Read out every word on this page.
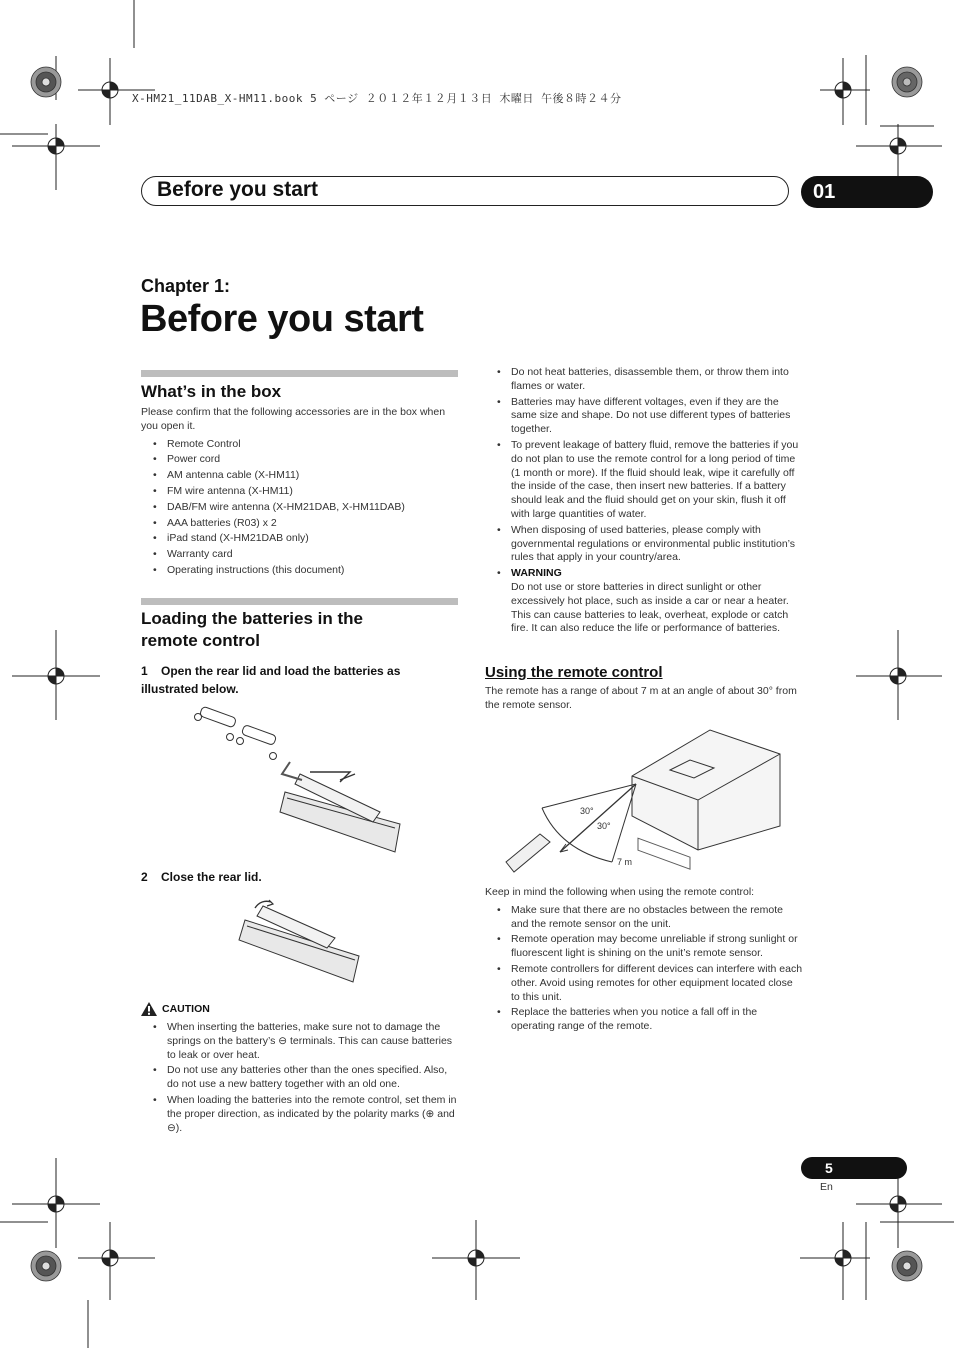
X-HM21_11DAB_X-HM11.book 5 ページ ２０１２年１２月１３日 木曜日 午後８時２４分
Before you start	01
Chapter 1:
Before you start
What’s in the box
Please confirm that the following accessories are in the box when you open it.
• Remote Control
• Power cord
• AM antenna cable (X-HM11)
• FM wire antenna (X-HM11)
• DAB/FM wire antenna (X-HM21DAB, X-HM11DAB)
• AAA batteries (R03) x 2
• iPad stand (X-HM21DAB only)
• Warranty card
• Operating instructions (this document)
Loading the batteries in the remote control
1    Open the rear lid and load the batteries as illustrated below.
2    Close the rear lid.
CAUTION
• When inserting the batteries, make sure not to damage the springs on the battery’s ⊖ terminals. This can cause batteries to leak or over heat.
• Do not use any batteries other than the ones specified. Also, do not use a new battery together with an old one.
• When loading the batteries into the remote control, set them in the proper direction, as indicated by the polarity marks (⊕ and ⊖).
• Do not heat batteries, disassemble them, or throw them into flames or water.
• Batteries may have different voltages, even if they are the same size and shape. Do not use different types of batteries together.
• To prevent leakage of battery fluid, remove the batteries if you do not plan to use the remote control for a long period of time (1 month or more). If the fluid should leak, wipe it carefully off the inside of the case, then insert new batteries. If a battery should leak and the fluid should get on your skin, flush it off with large quantities of water.
• When disposing of used batteries, please comply with governmental regulations or environmental public institution’s rules that apply in your country/area.
• WARNING
Do not use or store batteries in direct sunlight or other excessively hot place, such as inside a car or near a heater. This can cause batteries to leak, overheat, explode or catch fire. It can also reduce the life or performance of batteries.
Using the remote control
The remote has a range of about 7 m at an angle of about 30° from the remote sensor.
30°
30°
7 m
Keep in mind the following when using the remote control:
• Make sure that there are no obstacles between the remote and the remote sensor on the unit.
• Remote operation may become unreliable if strong sunlight or fluorescent light is shining on the unit’s remote sensor.
• Remote controllers for different devices can interfere with each other. Avoid using remotes for other equipment located close to this unit.
• Replace the batteries when you notice a fall off in the operating range of the remote.
5
En
